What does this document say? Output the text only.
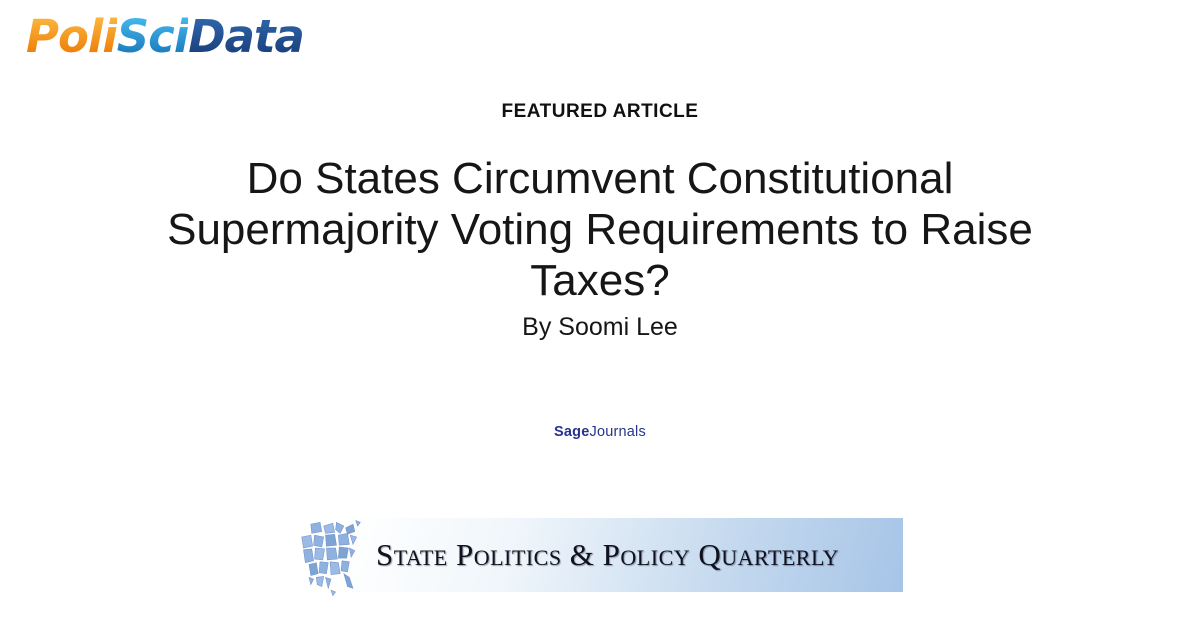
PoliSciData
FEATURED ARTICLE
Do States Circumvent Constitutional Supermajority Voting Requirements to Raise Taxes?
By Soomi Lee
SageJournals
State Politics & Policy Quarterly
